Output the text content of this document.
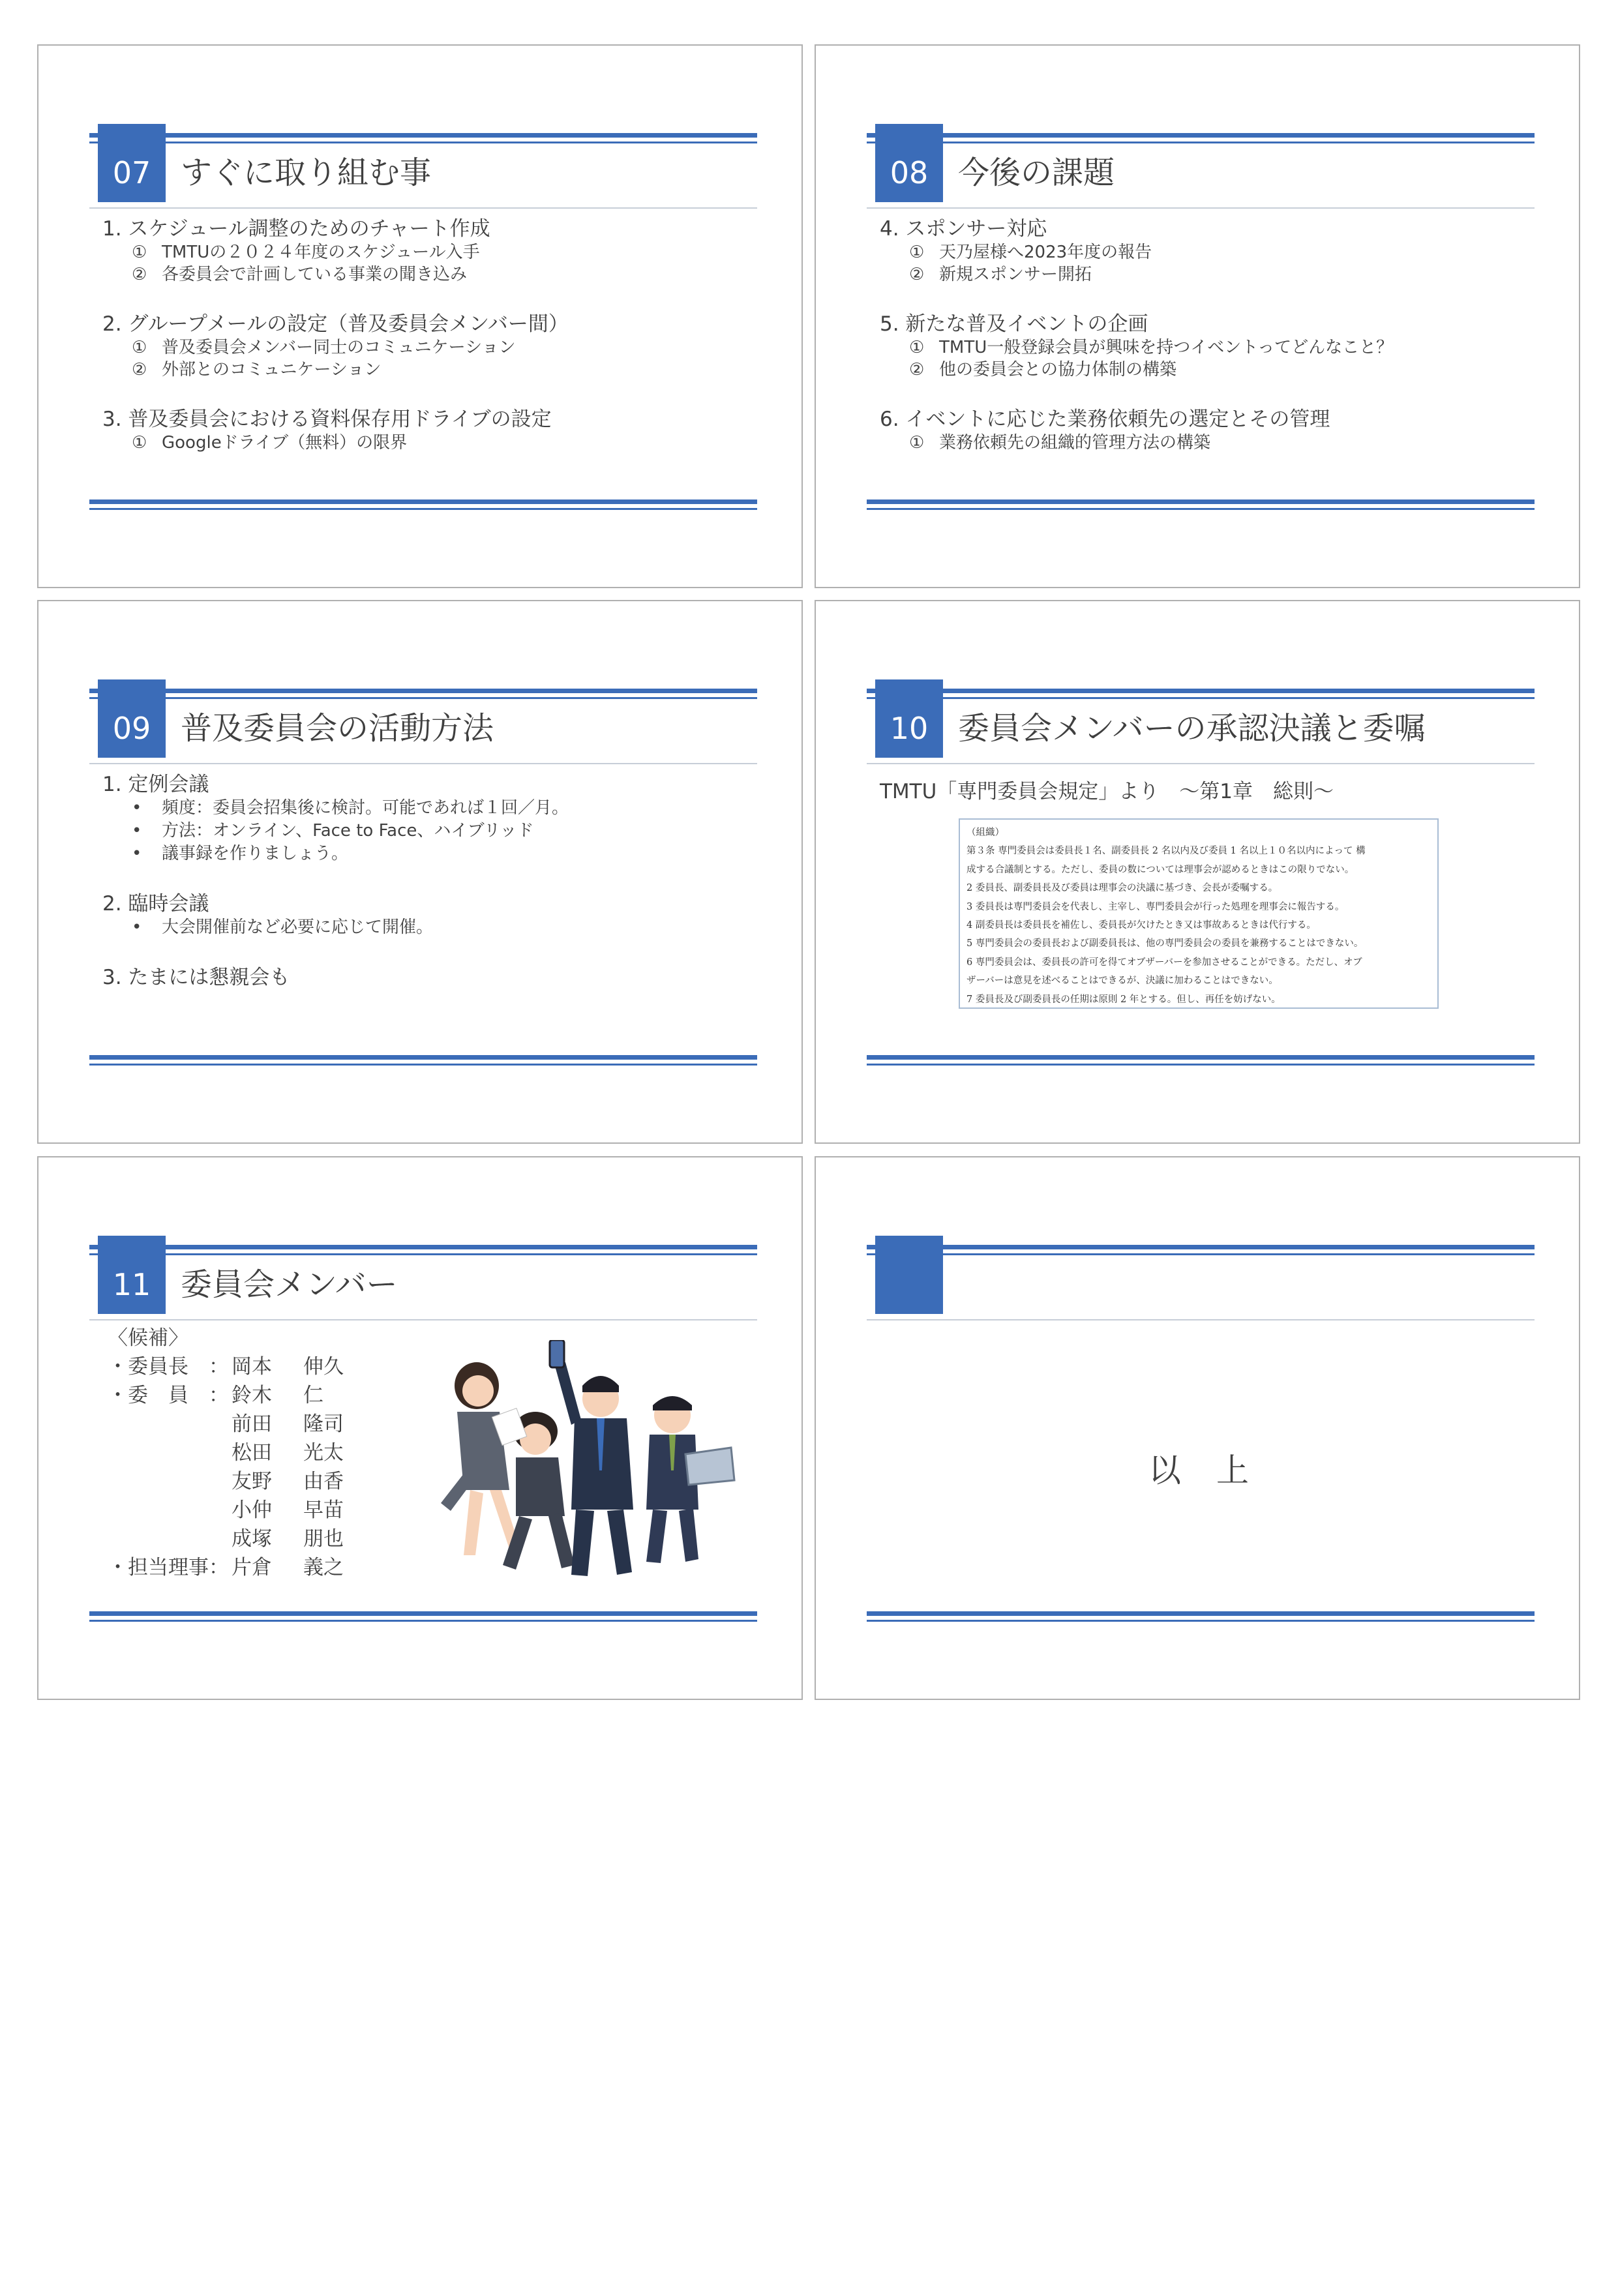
07 すぐに取り組む事
1. スケジュール調整のためのチャート作成
① TMTUの２０２４年度のスケジュール入手
② 各委員会で計画している事業の聞き込み
2. グループメールの設定（普及委員会メンバー間）
① 普及委員会メンバー同士のコミュニケーション
② 外部とのコミュニケーション
3. 普及委員会における資料保存用ドライブの設定
① Googleドライブ（無料）の限界
08 今後の課題
4. スポンサー対応
① 天乃屋様へ2023年度の報告
② 新規スポンサー開拓
5. 新たな普及イベントの企画
① TMTU一般登録会員が興味を持つイベントってどんなこと？
② 他の委員会との協力体制の構築
6. イベントに応じた業務依頼先の選定とその管理
① 業務依頼先の組織的管理方法の構築
09 普及委員会の活動方法
1. 定例会議
• 頻度：委員会招集後に検討。可能であれば１回／月。
• 方法：オンライン、Face to Face、ハイブリッド
• 議事録を作りましょう。
2. 臨時会議
• 大会開催前など必要に応じて開催。
3. たまには懇親会も
10 委員会メンバーの承認決議と委嘱
TMTU「専門委員会規定」より　～第1章　総則～
（組織）
第３条 専門委員会は委員長１名、副委員長 2 名以内及び委員 1 名以上１０名以内によって 構
成する合議制とする。ただし、委員の数については理事会が認めるときはこの限りでない。
2 委員長、副委員長及び委員は理事会の決議に基づき、会長が委嘱する。
3 委員長は専門委員会を代表し、主宰し、専門委員会が行った処理を理事会に報告する。
4 副委員長は委員長を補佐し、委員長が欠けたとき又は事故あるときは代行する。
5 専門委員会の委員長および副委員長は、他の専門委員会の委員を兼務することはできない。
6 専門委員会は、委員長の許可を得てオブザーバーを参加させることができる。ただし、オブ
ザーバーは意見を述べることはできるが、決議に加わることはできない。
7 委員長及び副委員長の任期は原則 2 年とする。但し、再任を妨げない。
11 委員会メンバー
〈候補〉
・委員長　： 岡本	伸久
・委　員　： 鈴木	仁
前田	隆司
松田	光太
友野	由香
小仲	早苗
成塚	朋也
・担当理事： 片倉	義之
以　上
